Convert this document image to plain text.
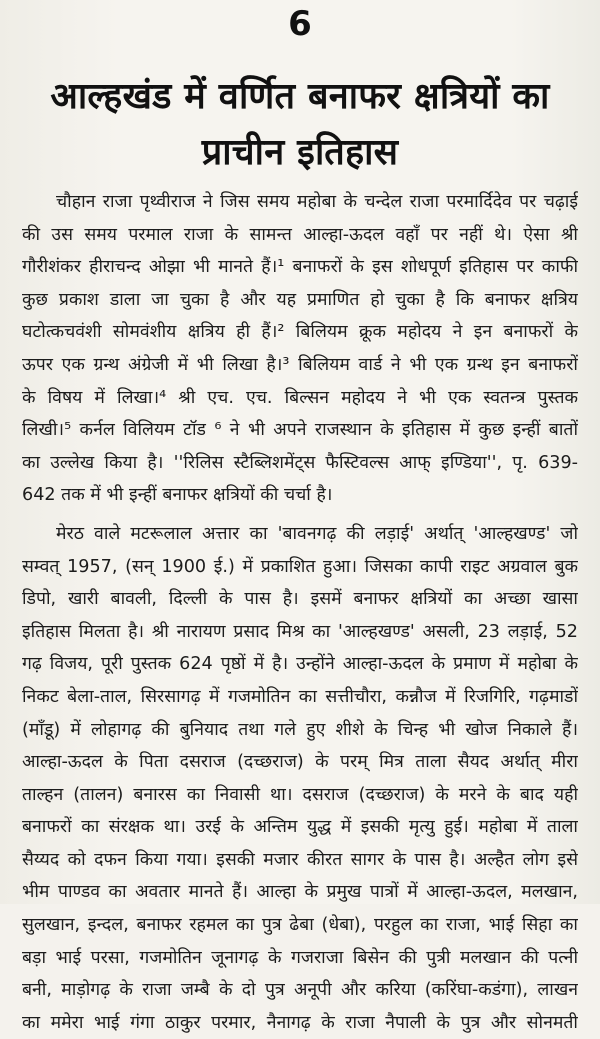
6
आल्हखंड में वर्णित बनाफर क्षत्रियों का
प्राचीन इतिहास
चौहान राजा पृथ्वीराज ने जिस समय महोबा के चन्देल राजा परमार्दिदेव पर चढ़ाई
की उस समय परमाल राजा के सामन्त आल्हा-ऊदल वहाँ पर नहीं थे। ऐसा श्री
गौरीशंकर हीराचन्द ओझा भी मानते हैं।¹ बनाफरों के इस शोधपूर्ण इतिहास पर काफी
कुछ प्रकाश डाला जा चुका है और यह प्रमाणित हो चुका है कि बनाफर क्षत्रिय
घटोत्कचवंशी सोमवंशीय क्षत्रिय ही हैं।² बिलियम क्रूक महोदय ने इन बनाफरों के
ऊपर एक ग्रन्थ अंग्रेजी में भी लिखा है।³ बिलियम वार्ड ने भी एक ग्रन्थ इन बनाफरों
के विषय में लिखा।⁴ श्री एच. एच. बिल्सन महोदय ने भी एक स्वतन्त्र पुस्तक
लिखी।⁵ कर्नल विलियम टॉड ⁶ ने भी अपने राजस्थान के इतिहास में कुछ इन्हीं बातों
का उल्लेख किया है। ''रिलिस स्टैब्लिशमेंट्स फैस्टिवल्स आफ् इण्डिया'', पृ. 639-
642 तक में भी इन्हीं बनाफर क्षत्रियों की चर्चा है।
मेरठ वाले मटरूलाल अत्तार का 'बावनगढ़ की लड़ाई' अर्थात् 'आल्हखण्ड' जो
सम्वत् 1957, (सन् 1900 ई.) में प्रकाशित हुआ। जिसका कापी राइट अग्रवाल बुक
डिपो, खारी बावली, दिल्ली के पास है। इसमें बनाफर क्षत्रियों का अच्छा खासा
इतिहास मिलता है। श्री नारायण प्रसाद मिश्र का 'आल्हखण्ड' असली, 23 लड़ाई, 52
गढ़ विजय, पूरी पुस्तक 624 पृष्ठों में है। उन्होंने आल्हा-ऊदल के प्रमाण में महोबा के
निकट बेला-ताल, सिरसागढ़ में गजमोतिन का सत्तीचौरा, कन्नौज में रिजगिरि, गढ़माडों
(माँडू) में लोहागढ़ की बुनियाद तथा गले हुए शीशे के चिन्ह भी खोज निकाले हैं।
आल्हा-ऊदल के पिता दसराज (दच्छराज) के परम् मित्र ताला सैयद अर्थात् मीरा
ताल्हन (तालन) बनारस का निवासी था। दसराज (दच्छराज) के मरने के बाद यही
बनाफरों का संरक्षक था। उरई के अन्तिम युद्ध में इसकी मृत्यु हुई। महोबा में ताला
सैय्यद को दफन किया गया। इसकी मजार कीरत सागर के पास है। अल्हैत लोग इसे
भीम पाण्डव का अवतार मानते हैं। आल्हा के प्रमुख पात्रों में आल्हा-ऊदल, मलखान,
सुलखान, इन्दल, बनाफर रहमल का पुत्र ढेबा (धेबा), परहुल का राजा, भाई सिहा का
बड़ा भाई परसा, गजमोतिन जूनागढ़ के गजराजा बिसेन की पुत्री मलखान की पत्नी
बनी, माड़ोगढ़ के राजा जम्बै के दो पुत्र अनूपी और करिया (करिंघा-कडंगा), लाखन
का ममेरा भाई गंगा ठाकुर परमार, नैनागढ़ के राजा नैपाली के पुत्र और सोनमती
